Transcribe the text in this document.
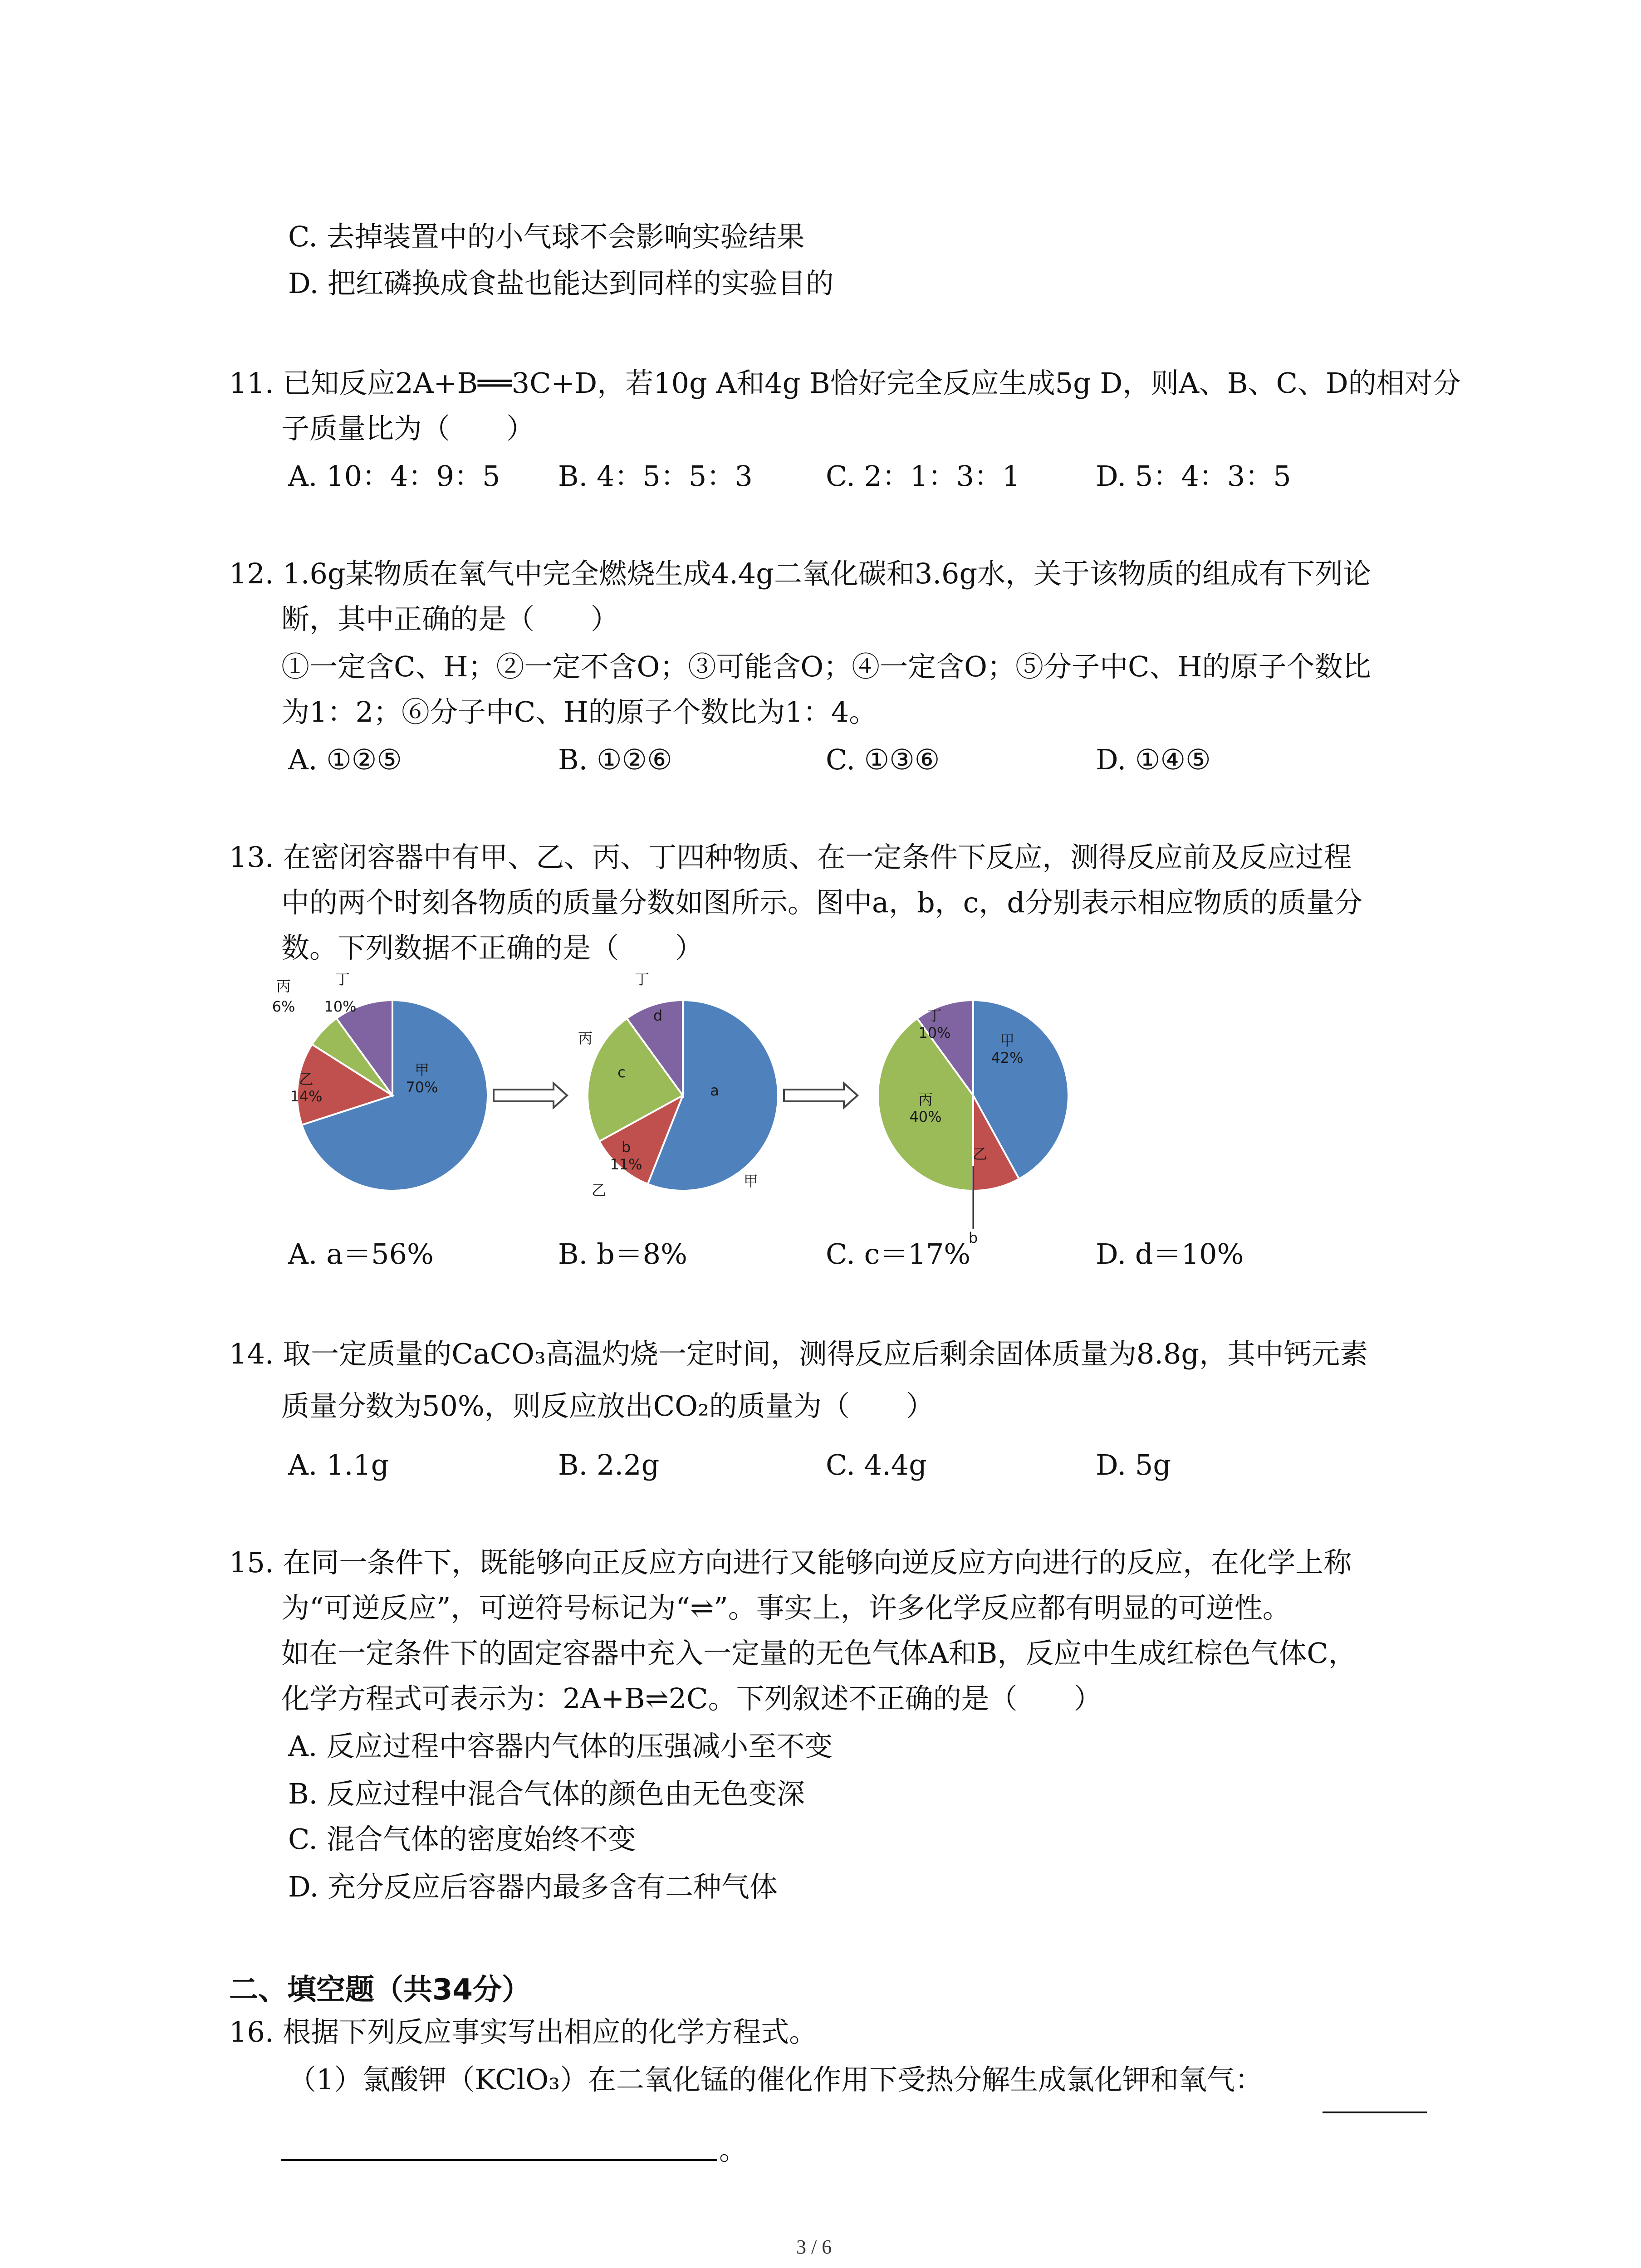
C. 去掉装置中的小气球不会影响实验结果
D. 把红磷换成食盐也能达到同样的实验目的
11. 已知反应2A+B══3C+D，若10g A和4g B恰好完全反应生成5g D，则A、B、C、D的相对分
子质量比为（　　）
A. 10：4：9：5 B. 4：5：5：3	C. 2：1：3：1	D. 5：4：3：5
12. 1.6g某物质在氧气中完全燃烧生成4.4g二氧化碳和3.6g水，关于该物质的组成有下列论
断，其中正确的是（　　）
①一定含C、H；②一定不含O；③可能含O；④一定含O；⑤分子中C、H的原子个数比
为1：2；⑥分子中C、H的原子个数比为1：4。
A. ①②⑤	B. ①②⑥	C. ①③⑥	D. ①④⑤
13. 在密闭容器中有甲、乙、丙、丁四种物质、在一定条件下反应，测得反应前及反应过程
中的两个时刻各物质的质量分数如图所示。图中a，b，c，d分别表示相应物质的质量分
数。下列数据不正确的是（　　）
甲
70%
乙
14%
6% 10%
丙	丁
a
b
11%
c
d
甲
乙
丙
丁
甲
42%
乙
丙
40%
丁
10%
b
A. a＝56%	B. b＝8%	C. c＝17%	D. d＝10%
14. 取一定质量的CaCO₃高温灼烧一定时间，测得反应后剩余固体质量为8.8g，其中钙元素
质量分数为50%，则反应放出CO₂的质量为（　　）
A. 1.1g	B. 2.2g	C. 4.4g	D. 5g
15. 在同一条件下，既能够向正反应方向进行又能够向逆反应方向进行的反应，在化学上称
为“可逆反应”，可逆符号标记为“⇌”。事实上，许多化学反应都有明显的可逆性。
如在一定条件下的固定容器中充入一定量的无色气体A和B，反应中生成红棕色气体C，
化学方程式可表示为：2A+B⇌2C。下列叙述不正确的是（　　）
A. 反应过程中容器内气体的压强减小至不变
B. 反应过程中混合气体的颜色由无色变深
C. 混合气体的密度始终不变
D. 充分反应后容器内最多含有二种气体
二、填空题（共34分）
16. 根据下列反应事实写出相应的化学方程式。
（1）氯酸钾（KClO₃）在二氧化锰的催化作用下受热分解生成氯化钾和氧气：
。
3 / 6
